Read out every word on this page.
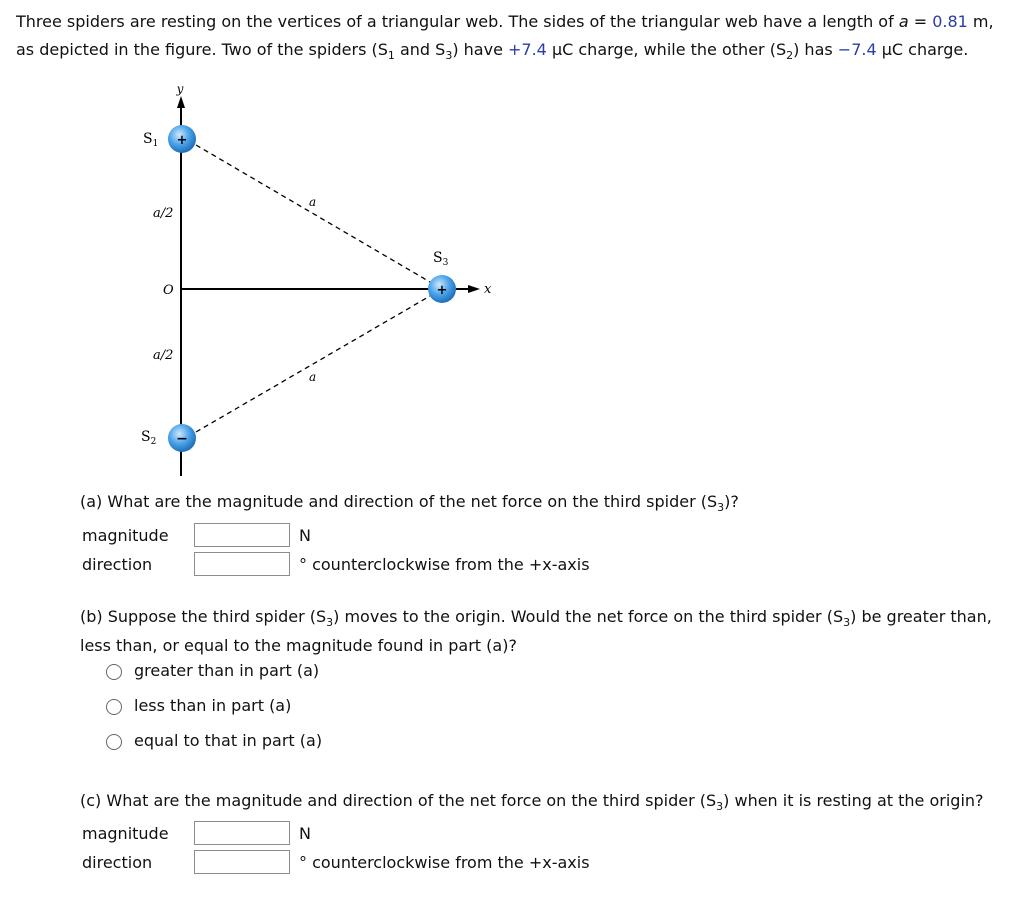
Three spiders are resting on the vertices of a triangular web. The sides of the triangular web have a length of a = 0.81 m, as depicted in the figure. Two of the spiders ($S_1$ and $S_3$) have +7.4 μC charge, while the other $(S_2)$ has −7.4 μC charge.
y
x
a
a
a/2
a/2
O
$S_1$
$S_2$
$S_3$
+
−
+
(a) What are the magnitude and direction of the net force on the third spider $(S_3)$?
magnitude	N
direction	° counterclockwise from the +x-axis
(b) Suppose the third spider $(S_3)$ moves to the origin. Would the net force on the third spider $(S_3)$ be greater than,
less than, or equal to the magnitude found in part (a)?
greater than in part (a)
less than in part (a)
equal to that in part (a)
(c) What are the magnitude and direction of the net force on the third spider $(S_3)$ when it is resting at the origin?
magnitude	N
direction	° counterclockwise from the +x-axis
